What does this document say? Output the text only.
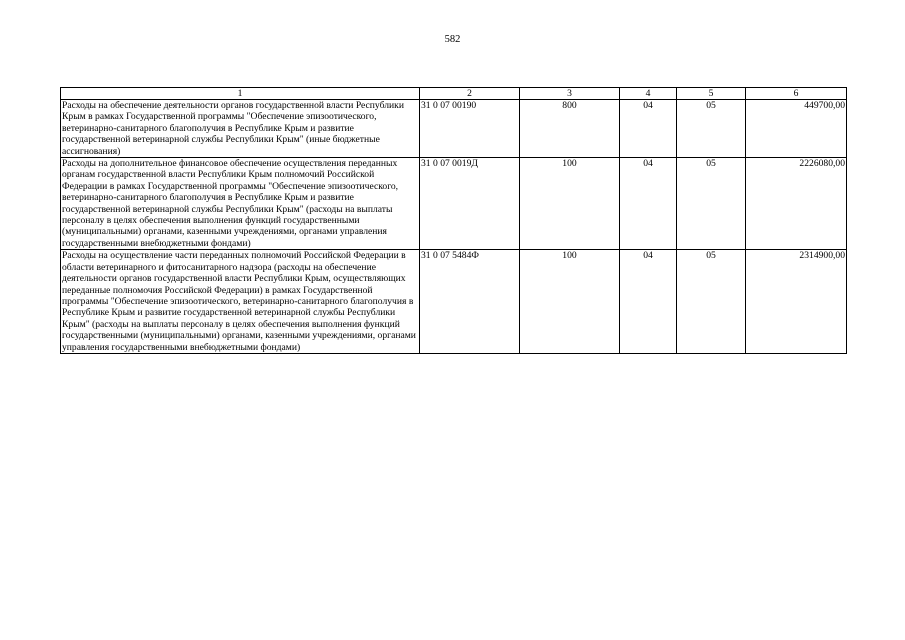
582
1	2	3	4	5	6
Расходы на обеспечение деятельности органов государственной власти Республики Крым в рамках Государственной программы "Обеспечение эпизоотического, ветеринарно-санитарного благополучия в Республике Крым и развитие государственной ветеринарной службы Республики Крым" (иные бюджетные ассигнования)	31 0 07 00190	800	04	05	449700,00
Расходы на дополнительное финансовое обеспечение осуществления переданных органам государственной власти Республики Крым полномочий Российской Федерации в рамках Государственной программы "Обеспечение эпизоотического, ветеринарно-санитарного благополучия в Республике Крым и развитие государственной ветеринарной службы Республики Крым" (расходы на выплаты персоналу в целях обеспечения выполнения функций государственными (муниципальными) органами, казенными учреждениями, органами управления государственными внебюджетными фондами)	31 0 07 0019Д	100	04	05	2226080,00
Расходы на осуществление части переданных полномочий Российской Федерации в области ветеринарного и фитосанитарного надзора (расходы на обеспечение деятельности органов государственной власти Республики Крым, осуществляющих переданные полномочия Российской Федерации) в рамках Государственной программы "Обеспечение эпизоотического, ветеринарно-санитарного благополучия в Республике Крым и развитие государственной ветеринарной службы Республики Крым" (расходы на выплаты персоналу в целях обеспечения выполнения функций государственными (муниципальными) органами, казенными учреждениями, органами управления государственными внебюджетными фондами)	31 0 07 5484Ф	100	04	05	2314900,00
